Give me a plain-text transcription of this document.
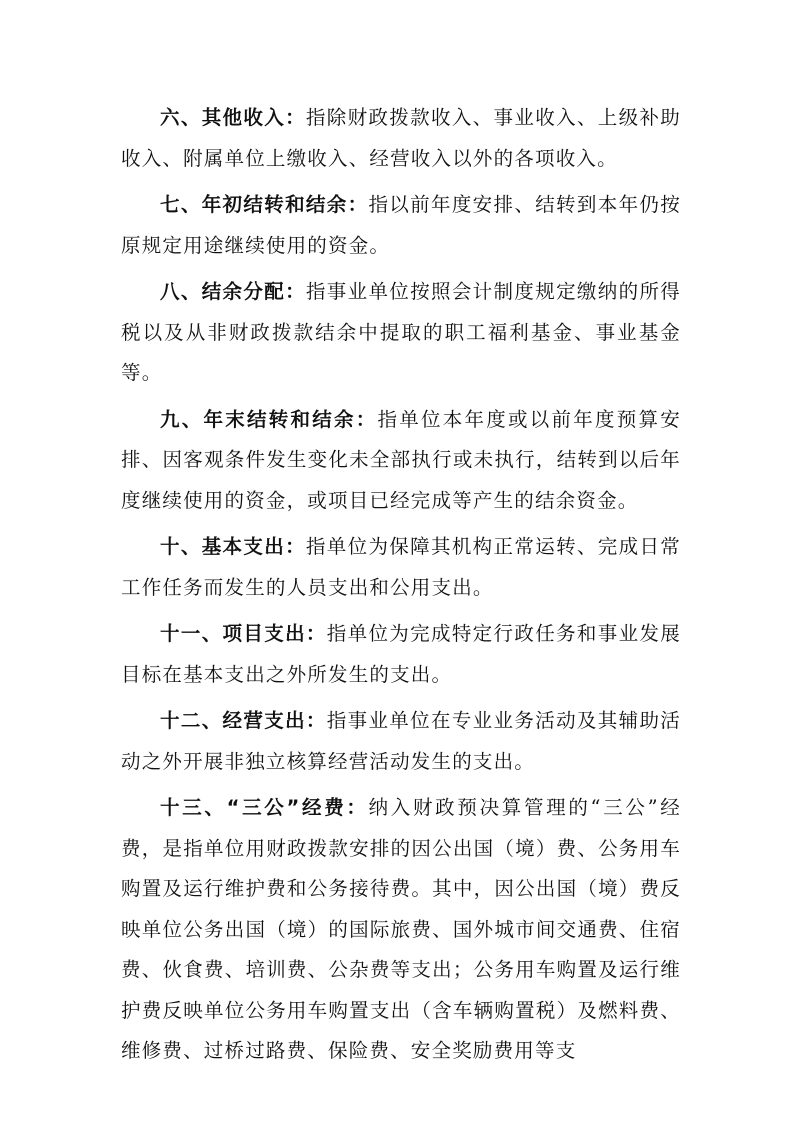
六、其他收入：指除财政拨款收入、事业收入、上级补助收入、附属单位上缴收入、经营收入以外的各项收入。

七、年初结转和结余：指以前年度安排、结转到本年仍按原规定用途继续使用的资金。

八、结余分配：指事业单位按照会计制度规定缴纳的所得税以及从非财政拨款结余中提取的职工福利基金、事业基金等。

九、年末结转和结余：指单位本年度或以前年度预算安排、因客观条件发生变化未全部执行或未执行，结转到以后年度继续使用的资金，或项目已经完成等产生的结余资金。

十、基本支出：指单位为保障其机构正常运转、完成日常工作任务而发生的人员支出和公用支出。

十一、项目支出：指单位为完成特定行政任务和事业发展目标在基本支出之外所发生的支出。

十二、经营支出：指事业单位在专业业务活动及其辅助活动之外开展非独立核算经营活动发生的支出。

十三、“三公”经费：纳入财政预决算管理的“三公”经费，是指单位用财政拨款安排的因公出国（境）费、公务用车购置及运行维护费和公务接待费。其中，因公出国（境）费反映单位公务出国（境）的国际旅费、国外城市间交通费、住宿费、伙食费、培训费、公杂费等支出；公务用车购置及运行维护费反映单位公务用车购置支出（含车辆购置税）及燃料费、维修费、过桥过路费、保险费、安全奖励费用等支
